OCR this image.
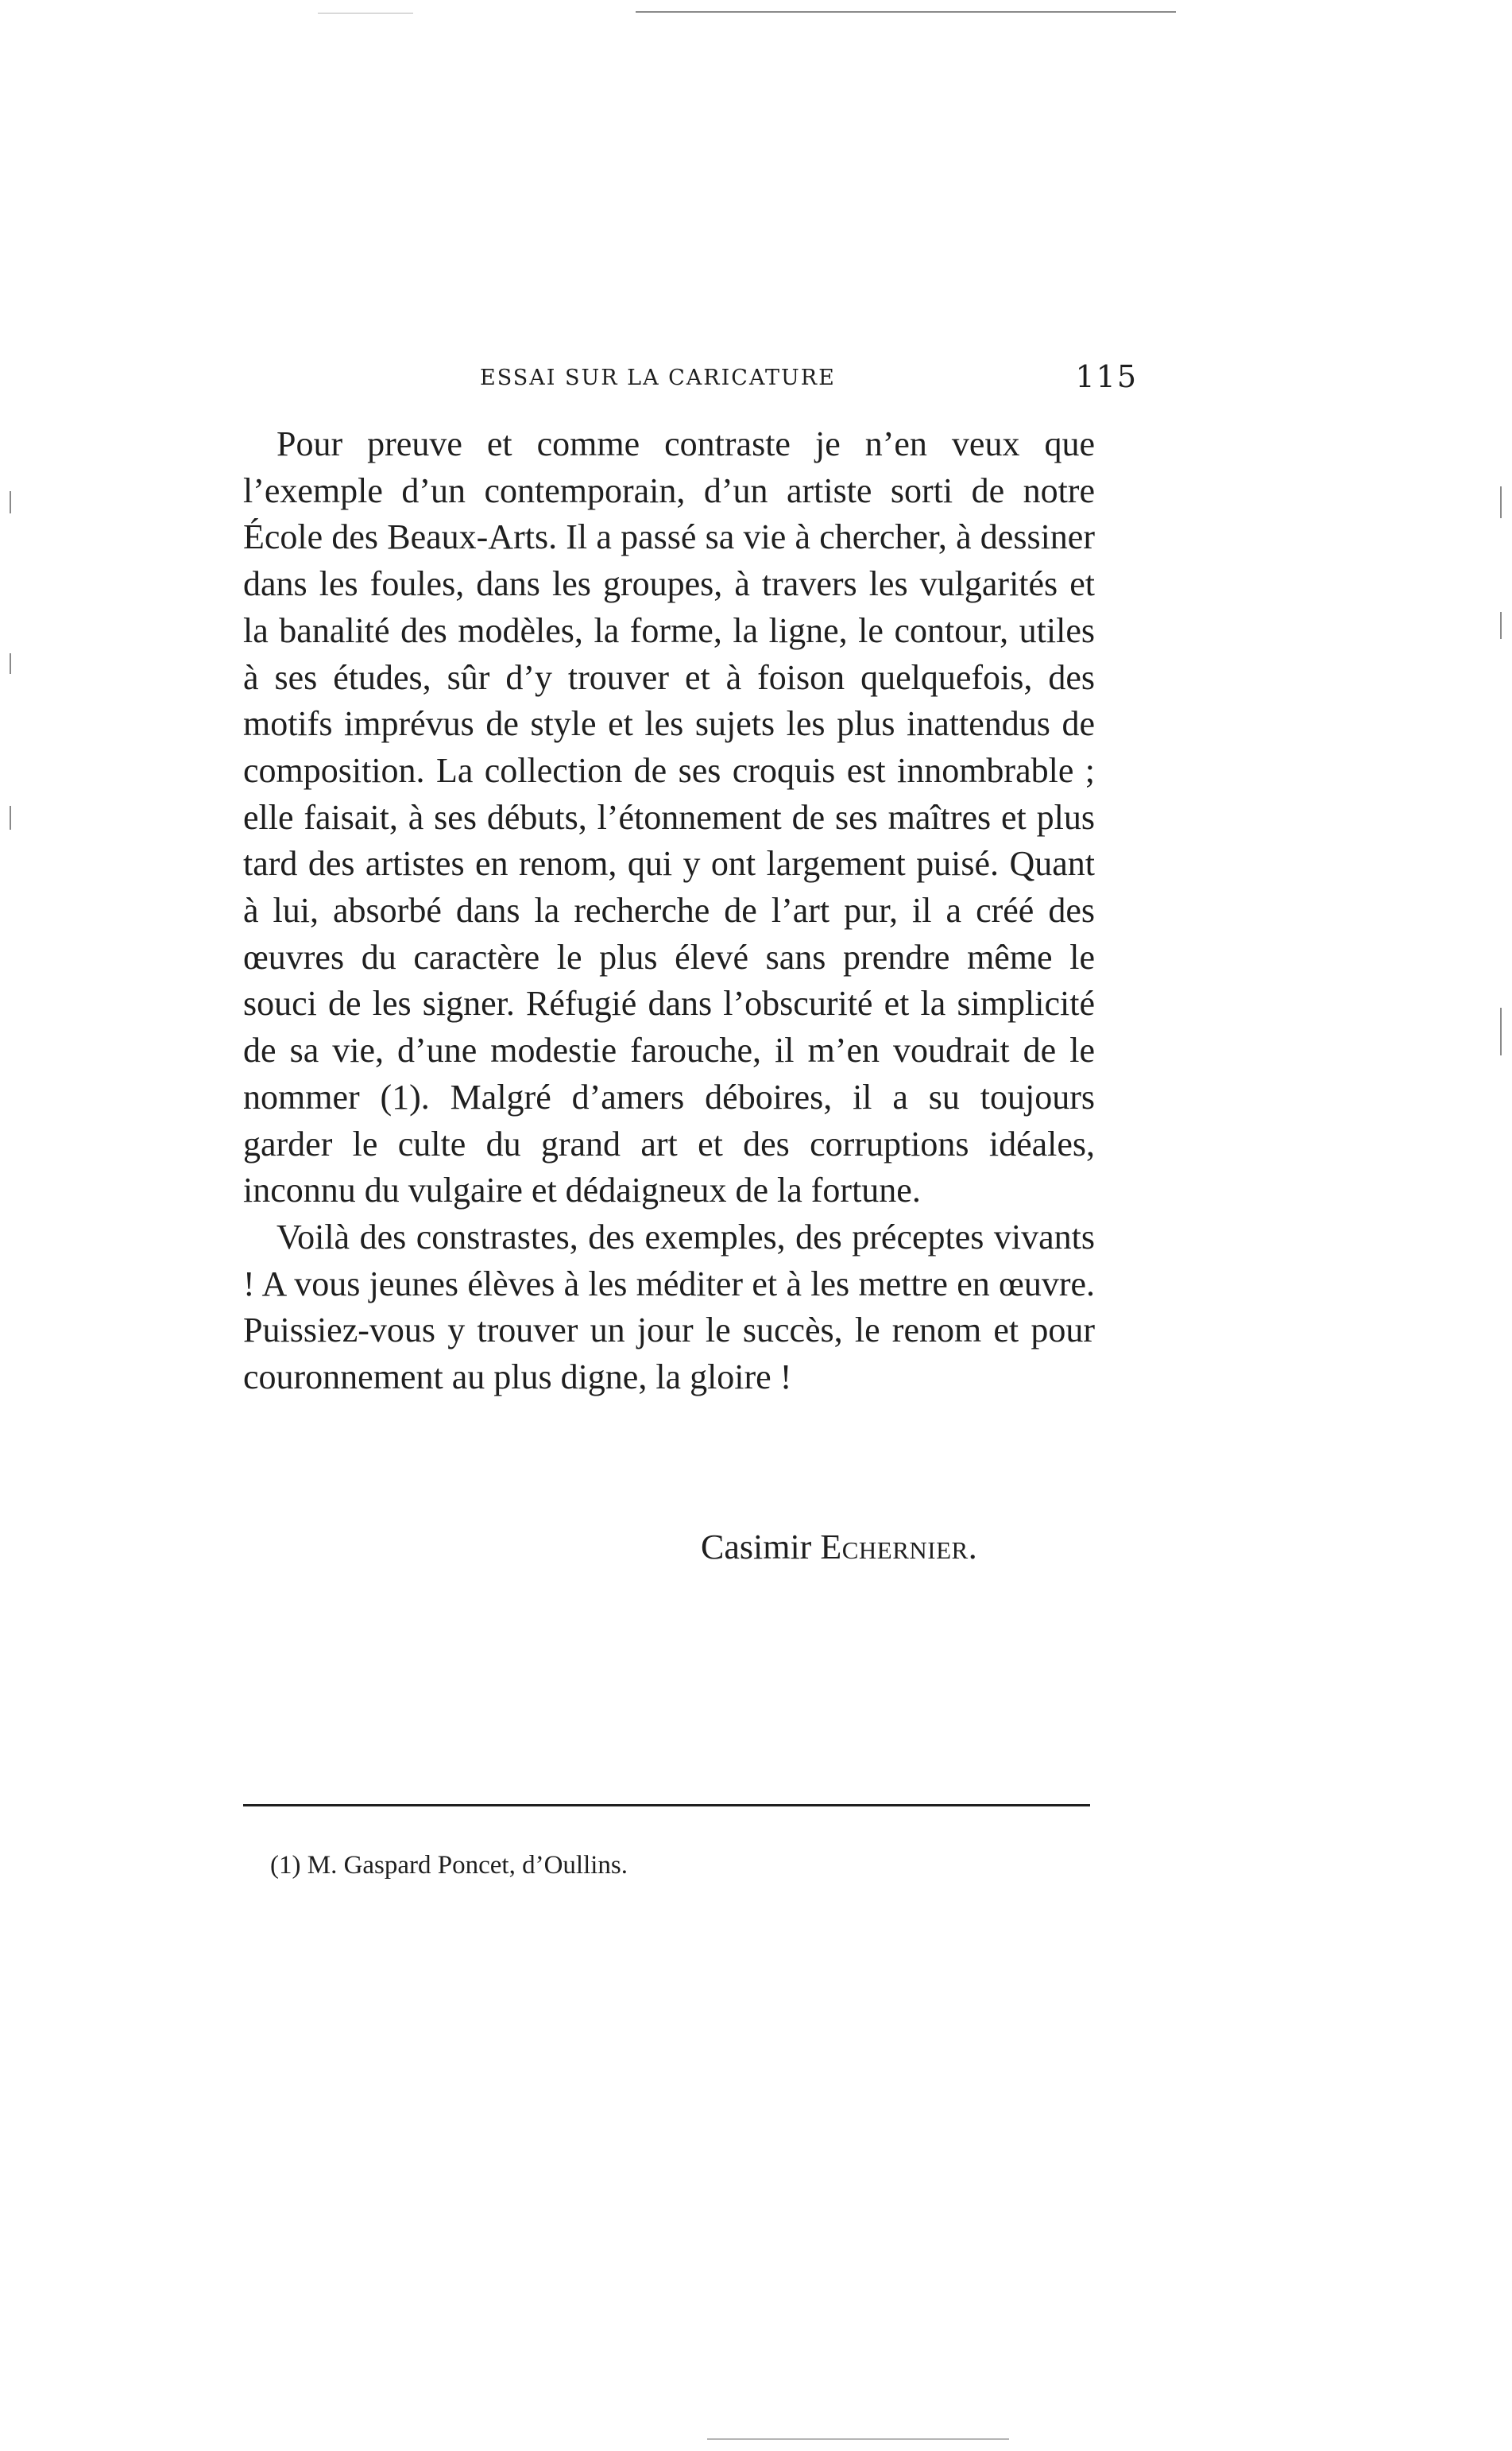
ESSAI SUR LA CARICATURE	115

Pour preuve et comme contraste je n’en veux que l’exemple d’un contemporain, d’un artiste sorti de notre École des Beaux-Arts. Il a passé sa vie à chercher, à dessiner dans les foules, dans les groupes, à travers les vulgarités et la banalité des modèles, la forme, la ligne, le contour, utiles à ses études, sûr d’y trouver et à foison quelquefois, des motifs imprévus de style et les sujets les plus inattendus de composition. La collection de ses croquis est innombrable ; elle faisait, à ses débuts, l’étonnement de ses maîtres et plus tard des artistes en renom, qui y ont largement puisé. Quant à lui, absorbé dans la recherche de l’art pur, il a créé des œuvres du caractère le plus élevé sans prendre même le souci de les signer. Réfugié dans l’obscurité et la simplicité de sa vie, d’une modestie farouche, il m’en voudrait de le nommer (1). Malgré d’amers déboires, il a su toujours garder le culte du grand art et des corruptions idéales, inconnu du vulgaire et dédaigneux de la fortune.

Voilà des constrastes, des exemples, des préceptes vivants ! A vous jeunes élèves à les méditer et à les mettre en œuvre. Puissiez-vous y trouver un jour le succès, le renom et pour couronnement au plus digne, la gloire !

Casimir Echernier.
(1) M. Gaspard Poncet, d’Oullins.
